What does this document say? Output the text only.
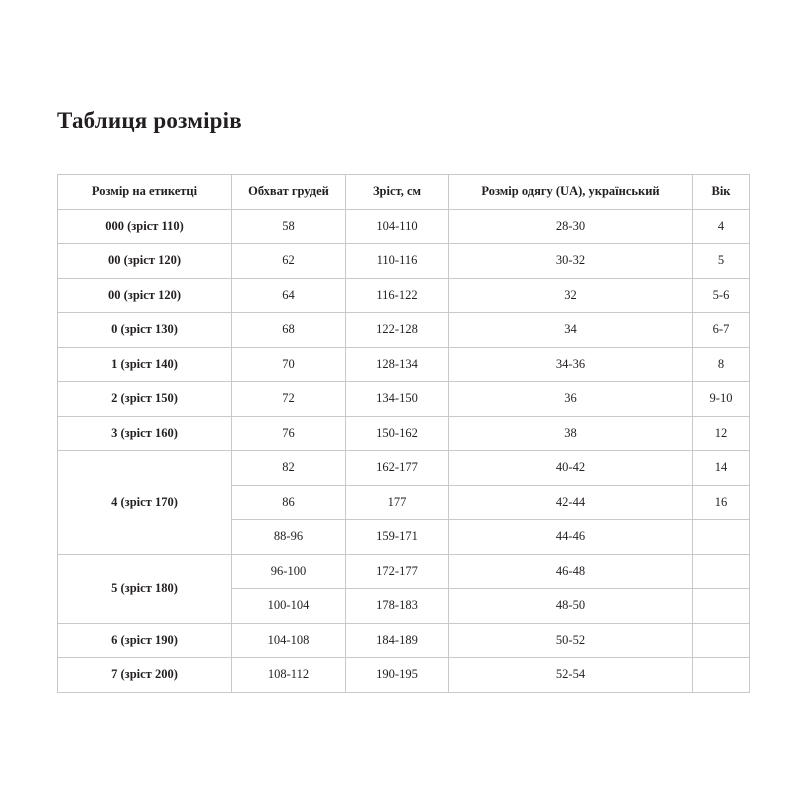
Таблиця розмірів
Розмір на етикетці	Обхват грудей	Зріст, см	Розмір одягу (UA), український	Вік
000 (зріст 110)	58	104-110	28-30	4
00 (зріст 120)	62	110-116	30-32	5
00 (зріст 120)	64	116-122	32	5-6
0 (зріст 130)	68	122-128	34	6-7
1 (зріст 140)	70	128-134	34-36	8
2 (зріст 150)	72	134-150	36	9-10
3 (зріст 160)	76	150-162	38	12
4 (зріст 170)	82	162-177	40-42	14
	86	177	42-44	16
	88-96	159-171	44-46	
5 (зріст 180)	96-100	172-177	46-48	
	100-104	178-183	48-50	
6 (зріст 190)	104-108	184-189	50-52	
7 (зріст 200)	108-112	190-195	52-54	
